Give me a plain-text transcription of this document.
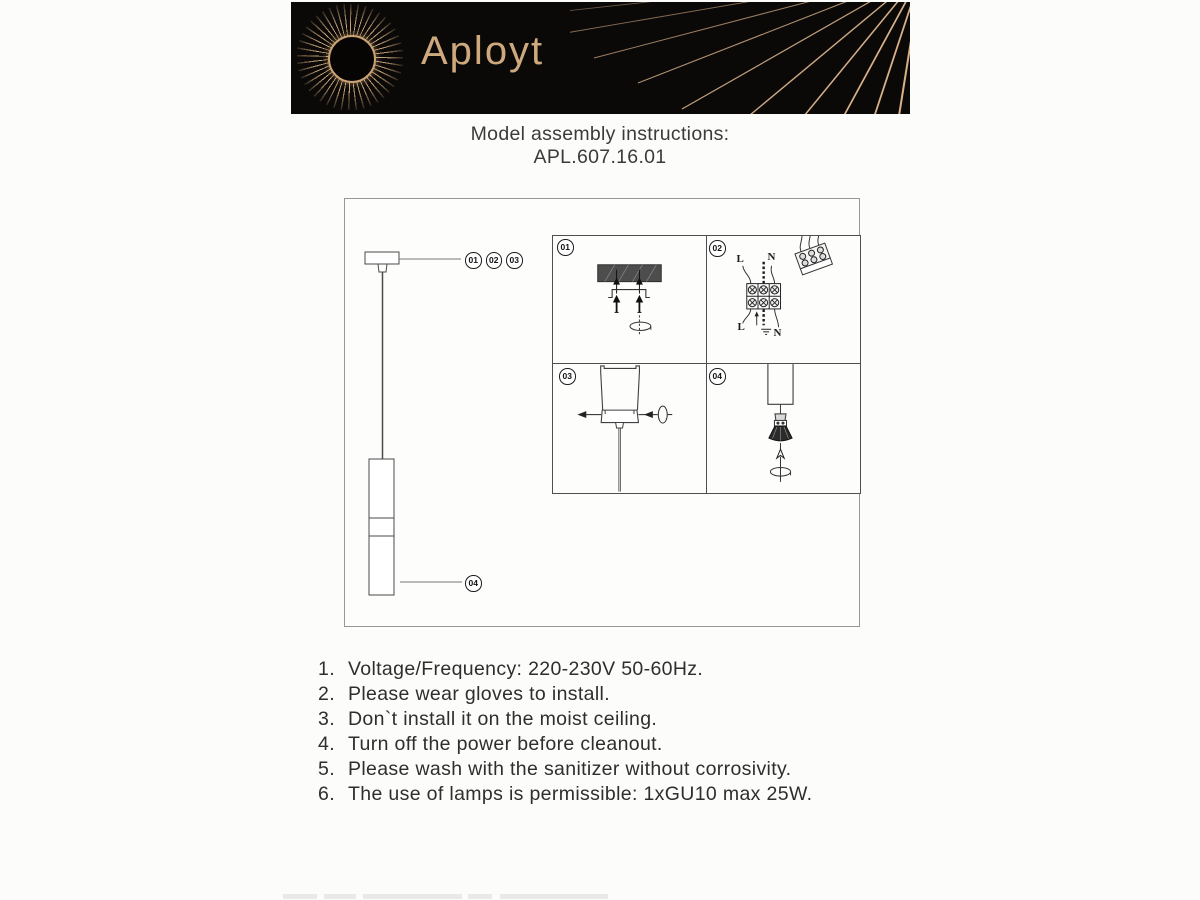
Aployt
Model assembly instructions:
APL.607.16.01
01	02	03
04
01	02
L N
L	N
03	04
1. Voltage/Frequency: 220-230V 50-60Hz.
2. Please wear gloves to install.
3. Don`t install it on the moist ceiling.
4. Turn off the power before cleanout.
5. Please wash with the sanitizer without corrosivity.
6. The use of lamps is permissible: 1xGU10 max 25W.
